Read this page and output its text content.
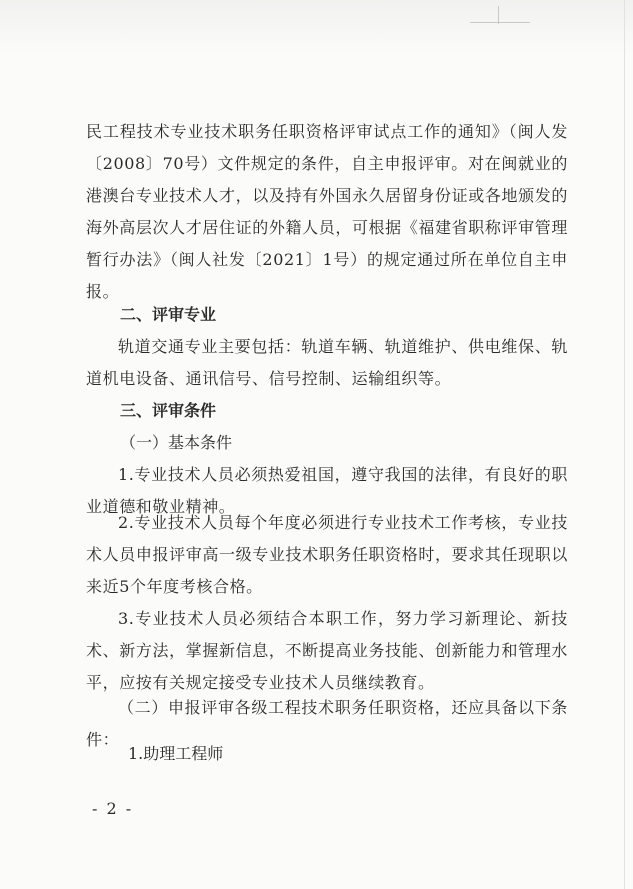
民工程技术专业技术职务任职资格评审试点工作的通知》（闽人发〔2008〕70号）文件规定的条件，自主申报评审。对在闽就业的港澳台专业技术人才，以及持有外国永久居留身份证或各地颁发的海外高层次人才居住证的外籍人员，可根据《福建省职称评审管理暂行办法》（闽人社发〔2021〕1号）的规定通过所在单位自主申报。

二、评审专业

轨道交通专业主要包括：轨道车辆、轨道维护、供电维保、轨道机电设备、通讯信号、信号控制、运输组织等。

三、评审条件

（一）基本条件

1.专业技术人员必须热爱祖国，遵守我国的法律，有良好的职业道德和敬业精神。

2.专业技术人员每个年度必须进行专业技术工作考核，专业技术人员申报评审高一级专业技术职务任职资格时，要求其任现职以来近5个年度考核合格。

3.专业技术人员必须结合本职工作，努力学习新理论、新技术、新方法，掌握新信息，不断提高业务技能、创新能力和管理水平，应按有关规定接受专业技术人员继续教育。

（二）申报评审各级工程技术职务任职资格，还应具备以下条件：

1.助理工程师

- 2 -
